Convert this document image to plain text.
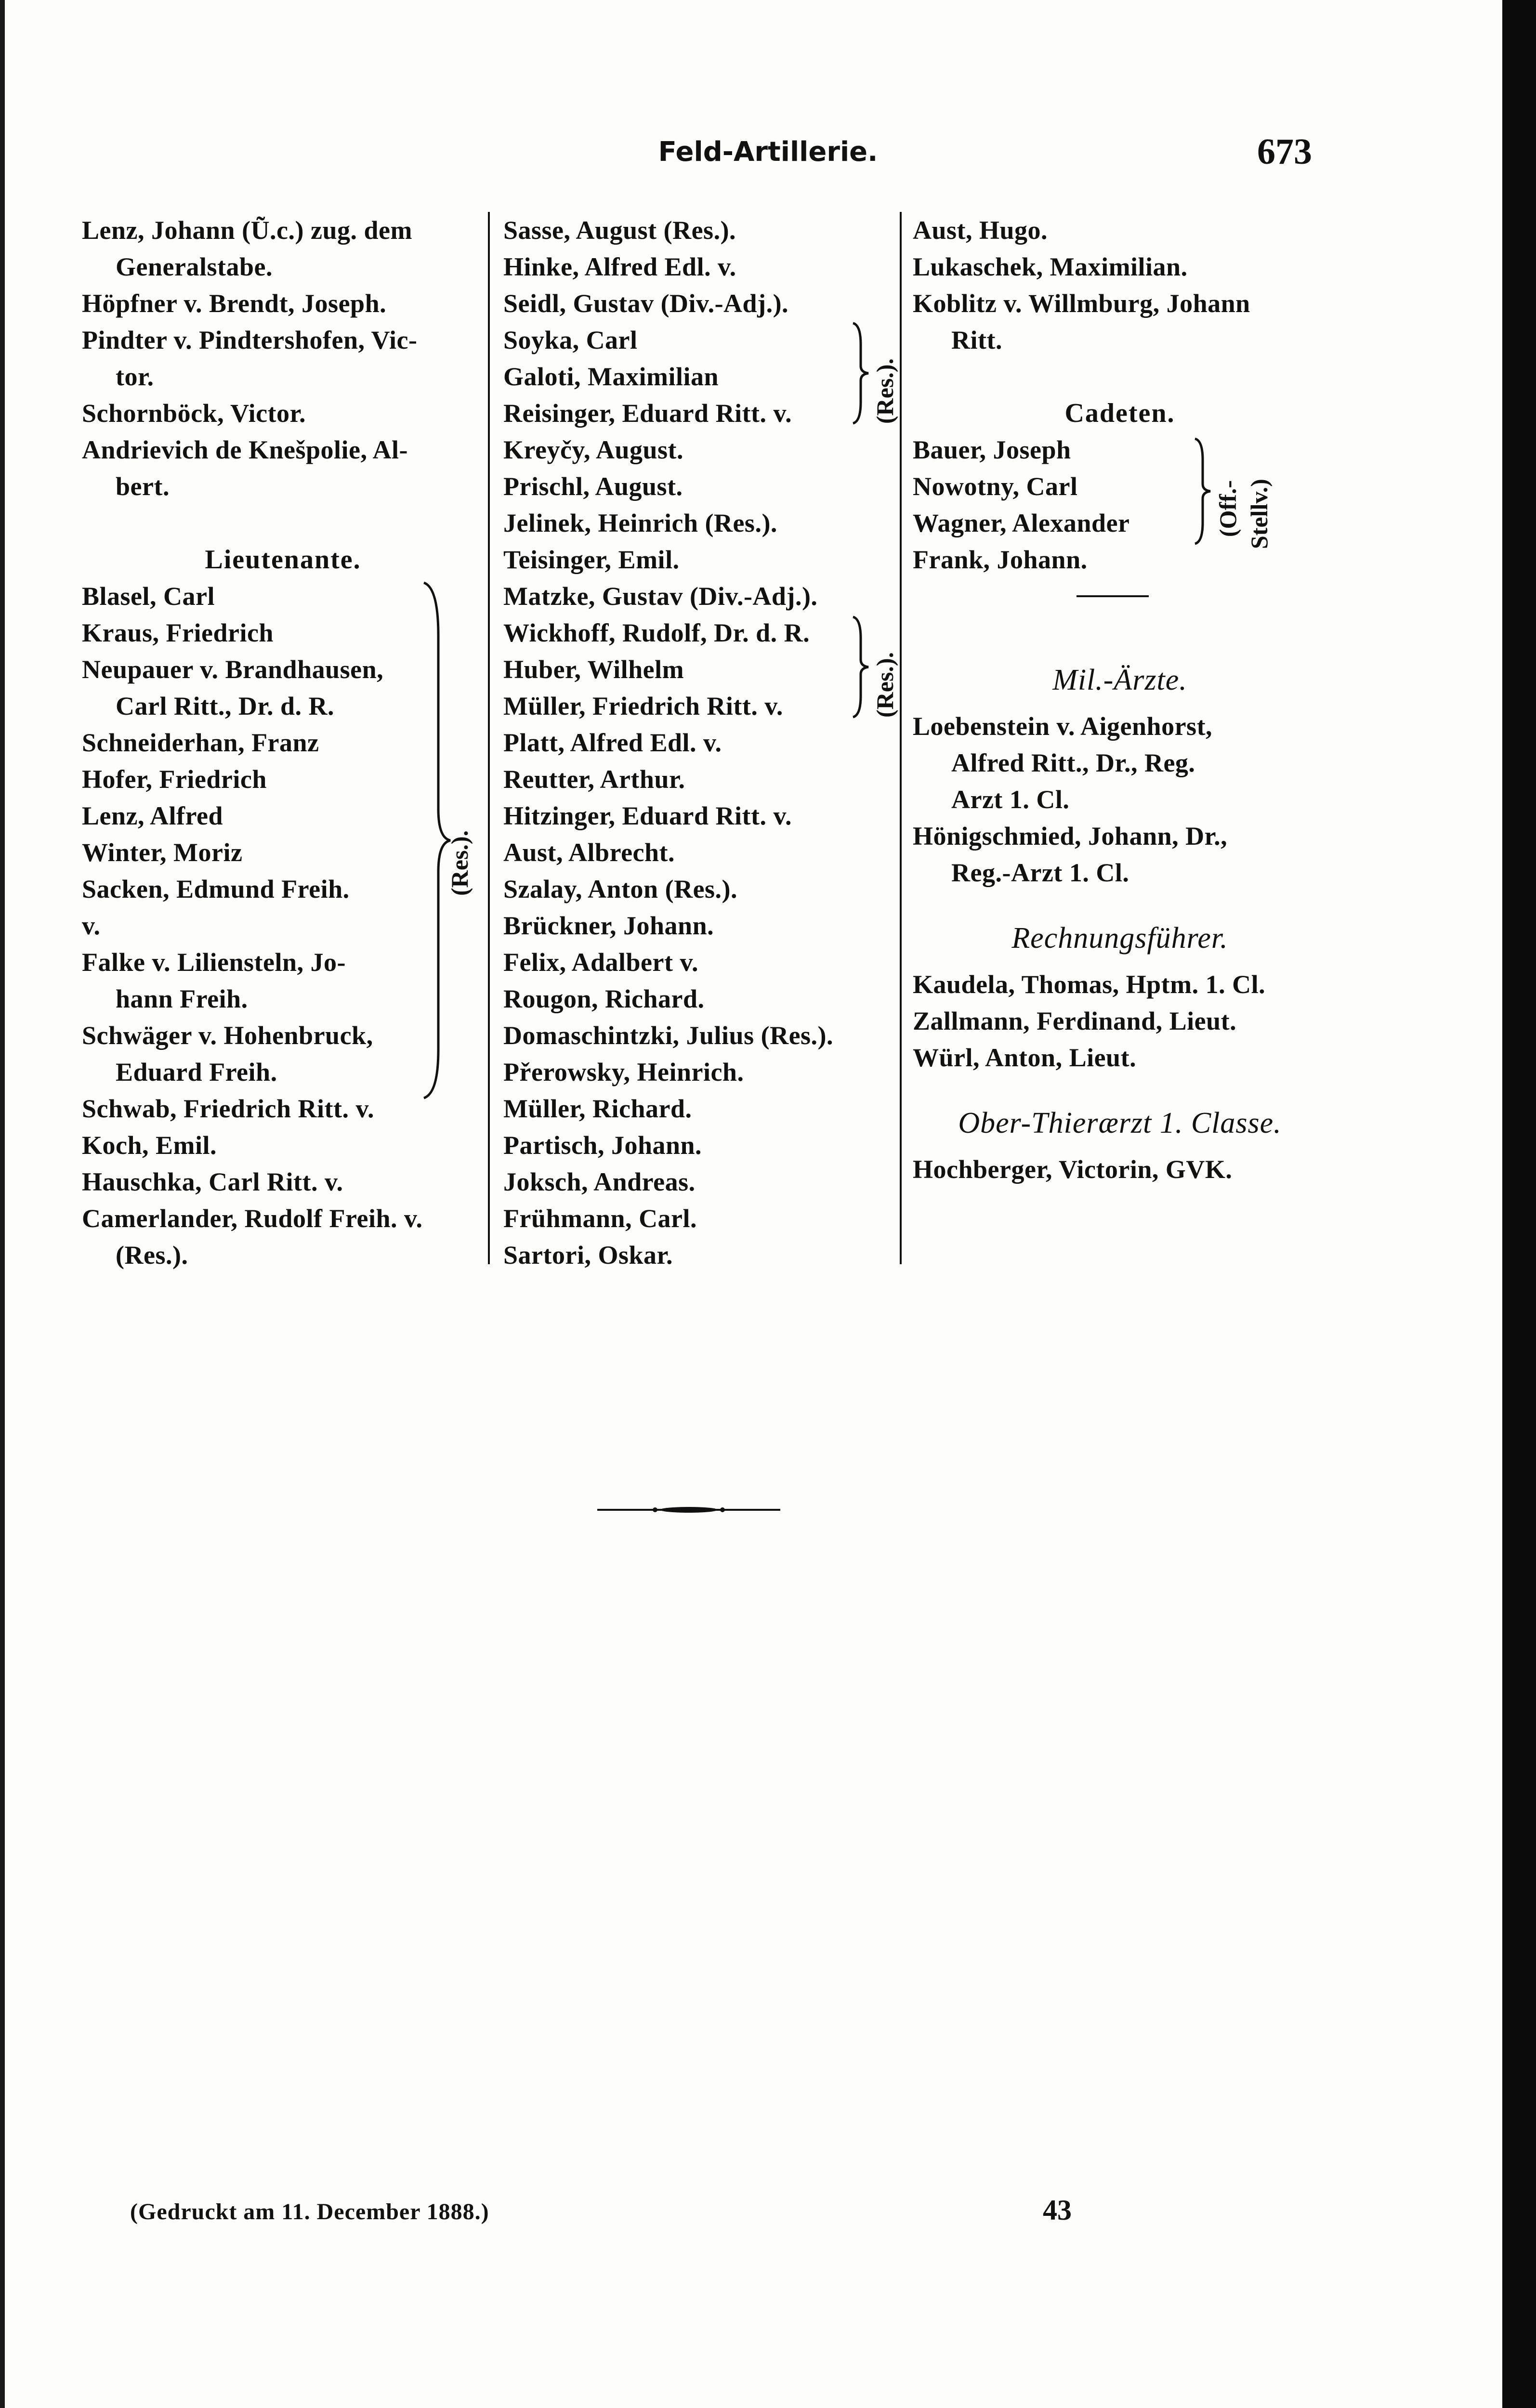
Feld-Artillerie.	673
Lenz, Johann (Ũ.c.) zug. dem
Generalstabe.
Höpfner v. Brendt, Joseph.
Pindter v. Pindtershofen, Vic-
tor.
Schornböck, Victor.
Andrievich de Knešpolie, Al-
bert.
Lieutenante.
Blasel, Carl
Kraus, Friedrich
Neupauer v. Brandhausen,
Carl Ritt., Dr. d. R.
Schneiderhan, Franz
Hofer, Friedrich
Lenz, Alfred
Winter, Moriz
Sacken, Edmund Freih.
v.
Falke v. Liliensteln, Jo-
hann Freih.
Schwäger v. Hohenbruck,
Eduard Freih.
Schwab, Friedrich Ritt. v.
Koch, Emil.
Hauschka, Carl Ritt. v.
Camerlander, Rudolf Freih. v.
(Res.).
(Res.).
Sasse, August (Res.).
Hinke, Alfred Edl. v.
Seidl, Gustav (Div.-Adj.).
Soyka, Carl
Galoti, Maximilian
Reisinger, Eduard Ritt. v.
Kreyčy, August.
Prischl, August.
Jelinek, Heinrich (Res.).
Teisinger, Emil.
Matzke, Gustav (Div.-Adj.).
Wickhoff, Rudolf, Dr. d. R.
Huber, Wilhelm
Müller, Friedrich Ritt. v.
Platt, Alfred Edl. v.
Reutter, Arthur.
Hitzinger, Eduard Ritt. v.
Aust, Albrecht.
Szalay, Anton (Res.).
Brückner, Johann.
Felix, Adalbert v.
Rougon, Richard.
Domaschintzki, Julius (Res.).
Přerowsky, Heinrich.
Müller, Richard.
Partisch, Johann.
Joksch, Andreas.
Frühmann, Carl.
Sartori, Oskar.
(Res.).
(Res.).
Aust, Hugo.
Lukaschek, Maximilian.
Koblitz v. Willmburg, Johann
Ritt.
Cadeten.
Bauer, Joseph
Nowotny, Carl
Wagner, Alexander
Frank, Johann.
Mil.-Ärzte.
Loebenstein v. Aigenhorst,
Alfred Ritt., Dr., Reg.
Arzt 1. Cl.
Hönigschmied, Johann, Dr.,
Reg.-Arzt 1. Cl.
Rechnungsführer.
Kaudela, Thomas, Hptm. 1. Cl.
Zallmann, Ferdinand, Lieut.
Würl, Anton, Lieut.
Ober-Thierærzt 1. Classe.
Hochberger, Victorin, GVK.
(Off.- Stellv.)
(Gedruckt am 11. December 1888.)	43
